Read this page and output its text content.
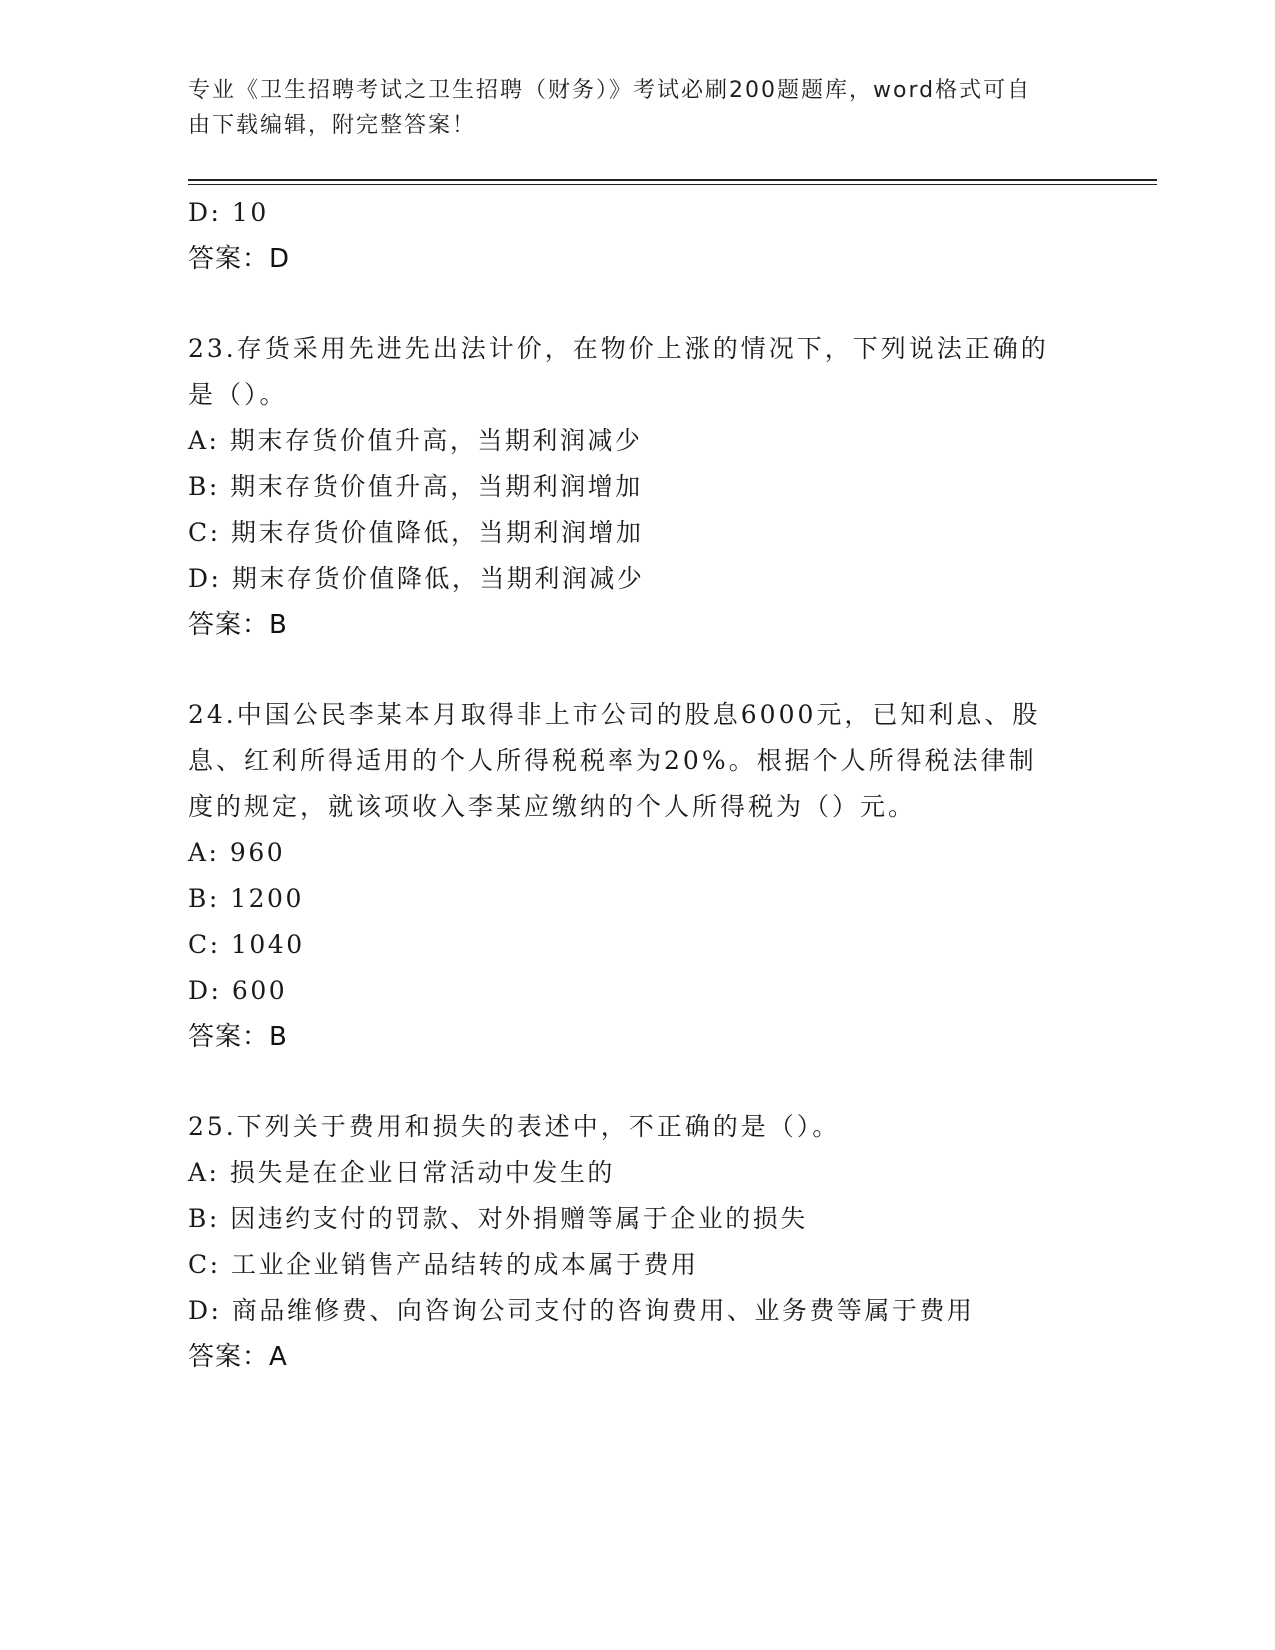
专业《卫生招聘考试之卫生招聘（财务）》考试必刷200题题库，word格式可自
由下载编辑，附完整答案！
D: 10
答案：D
23.存货采用先进先出法计价，在物价上涨的情况下，下列说法正确的
是（）。
A: 期末存货价值升高，当期利润减少
B: 期末存货价值升高，当期利润增加
C: 期末存货价值降低，当期利润增加
D: 期末存货价值降低，当期利润减少
答案：B
24.中国公民李某本月取得非上市公司的股息6000元，已知利息、股
息、红利所得适用的个人所得税税率为20%。根据个人所得税法律制
度的规定，就该项收入李某应缴纳的个人所得税为（）元。
A: 960
B: 1200
C: 1040
D: 600
答案：B
25.下列关于费用和损失的表述中，不正确的是（）。
A: 损失是在企业日常活动中发生的
B: 因违约支付的罚款、对外捐赠等属于企业的损失
C: 工业企业销售产品结转的成本属于费用
D: 商品维修费、向咨询公司支付的咨询费用、业务费等属于费用
答案：A
